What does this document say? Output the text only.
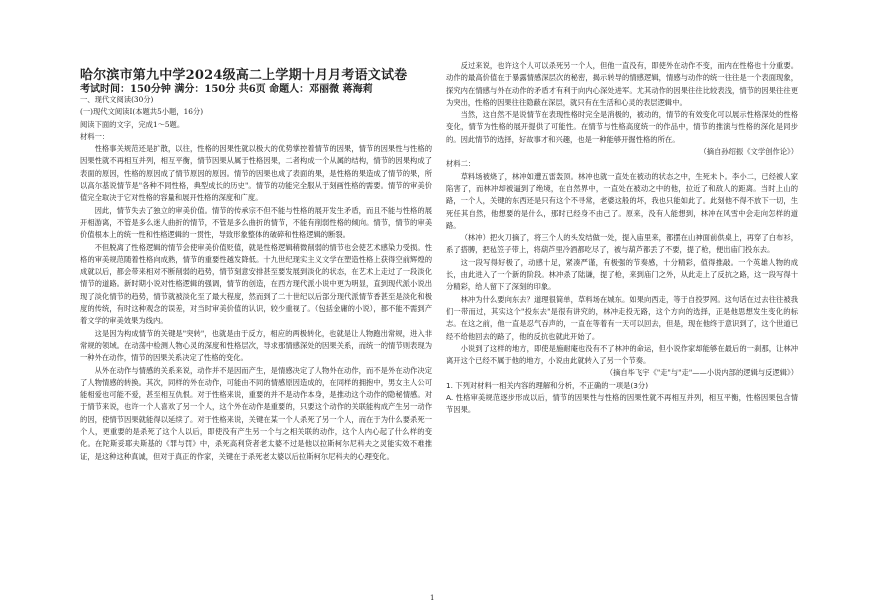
哈尔滨市第九中学2024级高二上学期十月月考语文试卷
考试时间：150分钟 满分：150分 共6页 命题人：邓丽微 蒋海莉

一、现代文阅读(30分)

(一)现代文阅读Ⅰ(本题共5小题，16分)

阅读下面的文字，完成1～5题。

材料一：

性格事关规范还是扩散，以往，性格的因果性就以极大的优势掌控着情节的因果，情节的因果性与性格的因果性就不再相互并列，相互平衡，情节因果从属于性格因果，二者构成一个从属的结构，情节的因果构成了表面的原因，性格的原因成了情节原因的原因。情节的因果也成了表面的果，是性格的果造成了情节的果，所以高尔基说情节是"各种不同性格，典型成长的历史"。情节的功能完全服从于刻画性格的需要。情节的审美价值完全取决于它对性格的容量和展开性格的深度和广度。

因此，情节失去了独立的审美价值。情节的传承宗不但不能与性格的展开发生矛盾，而且不能与性格的展开相游离，不管是多么迷人曲折的情节，不管是多么曲折的情节，不能有削弱性格的倾向。情节，情节的审美价值根本上的统一性和性格逻辑的一贯性，导致形象整体的破碎和性格逻辑的断裂。

不但脱离了性格逻辑的情节会使审美价值贬值，就是性格逻辑稍微削弱的情节也会使艺术感染力受损。性格的审美规范随着性格向成熟，情节的重要性越发降低。十九世纪现实主义文学在塑造性格上获得空前辉煌的成就以后，都会带来相对不断削弱的趋势，情节刻意安排甚至要发展到淡化的状态，在艺术上走过了一段淡化情节的道路。新时期小说对性格逻辑的强调，情节的创造，在西方现代派小说中更为明显，直到现代派小说出现了淡化情节的趋势，情节就被淡化至了最大程度，然而到了二十世纪以后部分现代派情节香甚至是淡化和极度的传统，有时这种观念的误差，对当时审美价值的认识，较少重视了。（包括金庸的小说），都不能不需到产着文学的审美效果为线内。

这是因为构成情节的关键是"突转"，也就是由于反方，相应的两极转化，也就是让人物跑出常规，进入非常规的领域。在动荡中检测人物心灵的深度和性格层次，导求那情感深处的因果关系，而统一的情节则表现为一种外在动作，情节的因果关系决定了性格的变化。

从外在动作与情感的关系来说，动作并不是因而产生，是情感决定了人物外在动作，而不是外在动作决定了人物情感的转换。其次，同样的外在动作，可能由不同的情感原因造成的，在同样的拥抱中，男女主人公可能相爱也可能不爱，甚至相互仇恨。对于性格来说，重要的并不是动作本身，是推动这个动作的隐秘情感。对于情节来说，也许一个人喜欢了另一个人，这个外在动作是重要的，只要这个动作的关联能构成产生另一动作的因，使情节因果就能得以延续了。对于性格来说，关键在某一个人杀死了另一个人，而在于为什么要杀死一个人，更重要的是杀死了这个人以后，即使没有产生另一个与之相关联的动作，这个人内心起了什么样的变化。在陀斯妥耶夫斯基的《罪与罚》中，杀死高利贷者老太婆不过是他以拉斯柯尔尼科夫之灵能实效不难推证，是这种这种真诚，但对于真正的作家，关键在于杀死老太婆以后拉斯柯尔尼科夫的心理变化。

反过来说，也许这个人可以杀死另一个人，但他一直没有，即使外在动作不变，而内在性格也十分重要。动作的最高价值在于暴露情感深层次的秘密，揭示转导的情感逻辑，情感与动作的统一往往是一个表面现象，探究内在情感与外在动作的矛盾才有利于向内心深处进军。尤其动作的因果往往比较表浅，情节的因果往往更为突出，性格的因果往往隐蔽在深层，就只有在生活和心灵的表层逻辑中。

当然，这自然不是说情节在表现性格时完全是消极的，被动的，情节的有效变化可以展示性格深处的性格变化，情节为性格的展开提供了可能性。在情节与性格高度统一的作品中，情节的推演与性格的深化是同步的。因此情节的选择，好故事才和兴趣，也是一种能够开掘性格的所在。

（摘自孙绍振《文学创作论》）

材料二：

草料场被烧了，林冲如遭五雷轰顶。林冲也就一直处在被动的状态之中，生死未卜。李小二，已经被人家陷害了，而林冲却被逼到了绝境，在自然界中，一直处在被动之中的他，拉近了和敌人的距离。当时上山的路，一个人，关键的东西还是只有这个不寻常，老婆这般的坏，我也只能如此了。此刻他不得不放下一切，生死任其自然，他想要的是什么，那时已经身不由己了。原来，没有人能想到，林冲在风雪中会走向怎样的道路。

（林冲）把火刀摘了，将三个人的头发结做一处，提入庙里来，都摆在山神面前供桌上，再穿了白布衫，系了搭膊，把毡笠子带上，将葫芦里冷酒都吃尽了，被与葫芦都丢了不要，提了枪，便出庙门投东去。

这一段写得好极了，动感十足，紧凑严谨，有极强的节奏感，十分精彩，值得推敲。一个英雄人物的成长，由此进入了一个新的阶段。林冲杀了陆谦，提了枪，来到庙门之外，从此走上了反抗之路，这一段写得十分精彩，给人留下了深刻的印象。

林冲为什么要向东去？道理很简单，草料场在城东。如果向西走，等于自投罗网。这句话在过去往往被我们一带而过，其实这个"投东去"是很有讲究的，林冲走投无路，这个方向的选择，正是他思想发生变化的标志。在这之前，他一直是忍气吞声的，一直在等着有一天可以回去，但是，现在他终于意识到了，这个世道已经不给他回去的路了，他的反抗也就此开始了。

小说到了这样的地方，即使是施耐庵也没有不了林冲的命运，但小说作家却能够在最后的一刹那，让林冲离开这个已经不属于他的地方，小说由此就转入了另一个节奏。

（摘自毕飞宇《"走"与"走"——小说内部的逻辑与反逻辑》）

1. 下列对材料一相关内容的理解和分析，不正确的一项是(3分)

A. 性格审美规范逐步形成以后，情节的因果性与性格的因果性就不再相互并列，相互平衡，性格因果包含情节因果。

1
